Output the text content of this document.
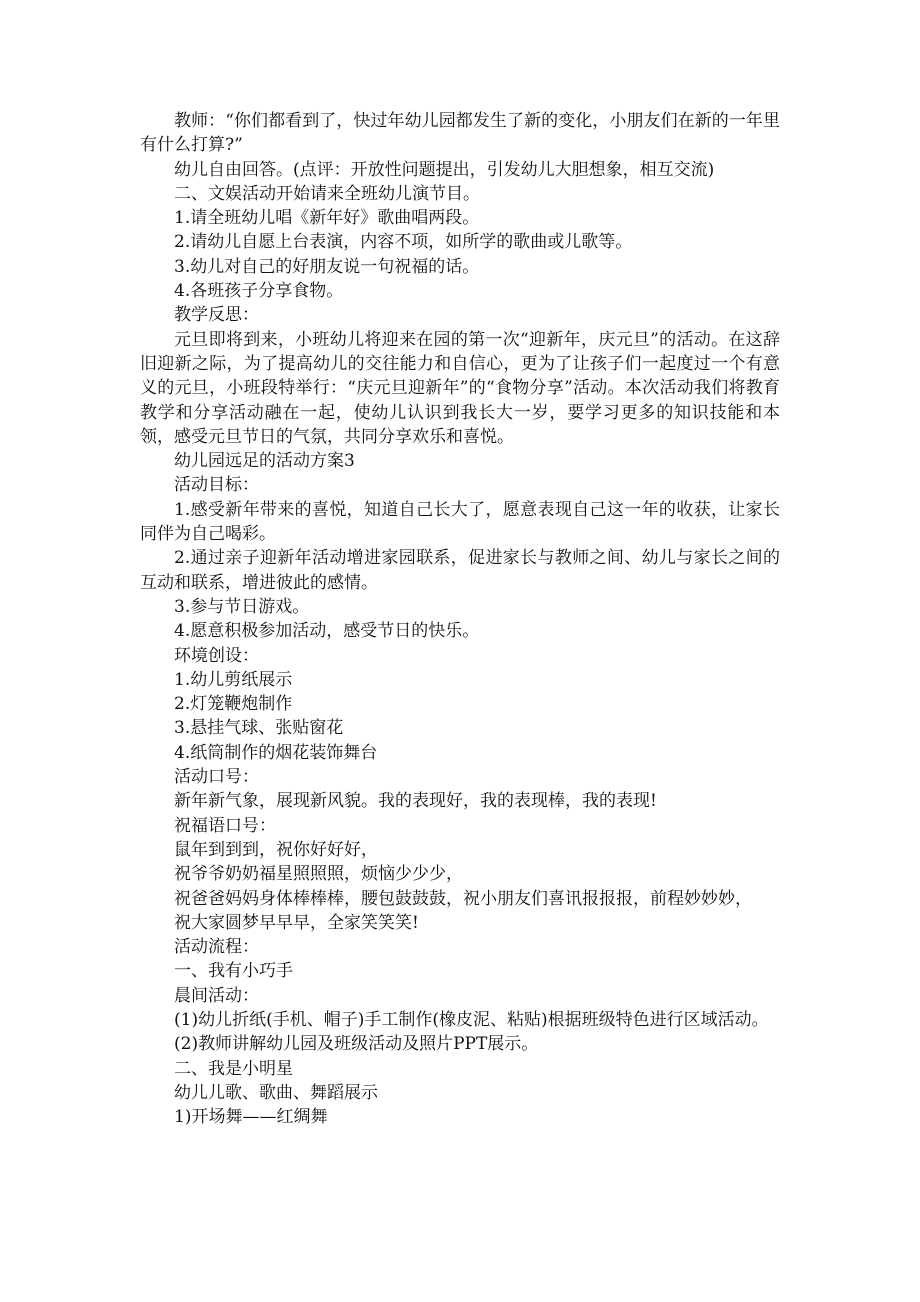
教师：“你们都看到了，快过年幼儿园都发生了新的变化，小朋友们在新的一年里有什么打算?”

幼儿自由回答。(点评：开放性问题提出，引发幼儿大胆想象，相互交流)

二、文娱活动开始请来全班幼儿演节目。

1.请全班幼儿唱《新年好》歌曲唱两段。

2.请幼儿自愿上台表演，内容不项，如所学的歌曲或儿歌等。

3.幼儿对自己的好朋友说一句祝福的话。

4.各班孩子分享食物。

教学反思：

元旦即将到来，小班幼儿将迎来在园的第一次“迎新年，庆元旦”的活动。在这辞旧迎新之际，为了提高幼儿的交往能力和自信心，更为了让孩子们一起度过一个有意义的元旦，小班段特举行：“庆元旦迎新年”的“食物分享”活动。本次活动我们将教育教学和分享活动融在一起，使幼儿认识到我长大一岁，要学习更多的知识技能和本领，感受元旦节日的气氛，共同分享欢乐和喜悦。

幼儿园远足的活动方案3

活动目标：

1.感受新年带来的喜悦，知道自己长大了，愿意表现自己这一年的收获，让家长同伴为自己喝彩。

2.通过亲子迎新年活动增进家园联系，促进家长与教师之间、幼儿与家长之间的互动和联系，增进彼此的感情。

3.参与节日游戏。

4.愿意积极参加活动，感受节日的快乐。

环境创设：

1.幼儿剪纸展示

2.灯笼鞭炮制作

3.悬挂气球、张贴窗花

4.纸筒制作的烟花装饰舞台

活动口号：

新年新气象，展现新风貌。我的表现好，我的表现棒，我的表现!

祝福语口号：

鼠年到到到，祝你好好好，

祝爷爷奶奶福星照照照，烦恼少少少，

祝爸爸妈妈身体棒棒棒，腰包鼓鼓鼓，祝小朋友们喜讯报报报，前程妙妙妙，

祝大家圆梦早早早，全家笑笑笑!

活动流程：

一、我有小巧手

晨间活动：

(1)幼儿折纸(手机、帽子)手工制作(橡皮泥、粘贴)根据班级特色进行区域活动。

(2)教师讲解幼儿园及班级活动及照片PPT展示。

二、我是小明星

幼儿儿歌、歌曲、舞蹈展示

1)开场舞——红绸舞
